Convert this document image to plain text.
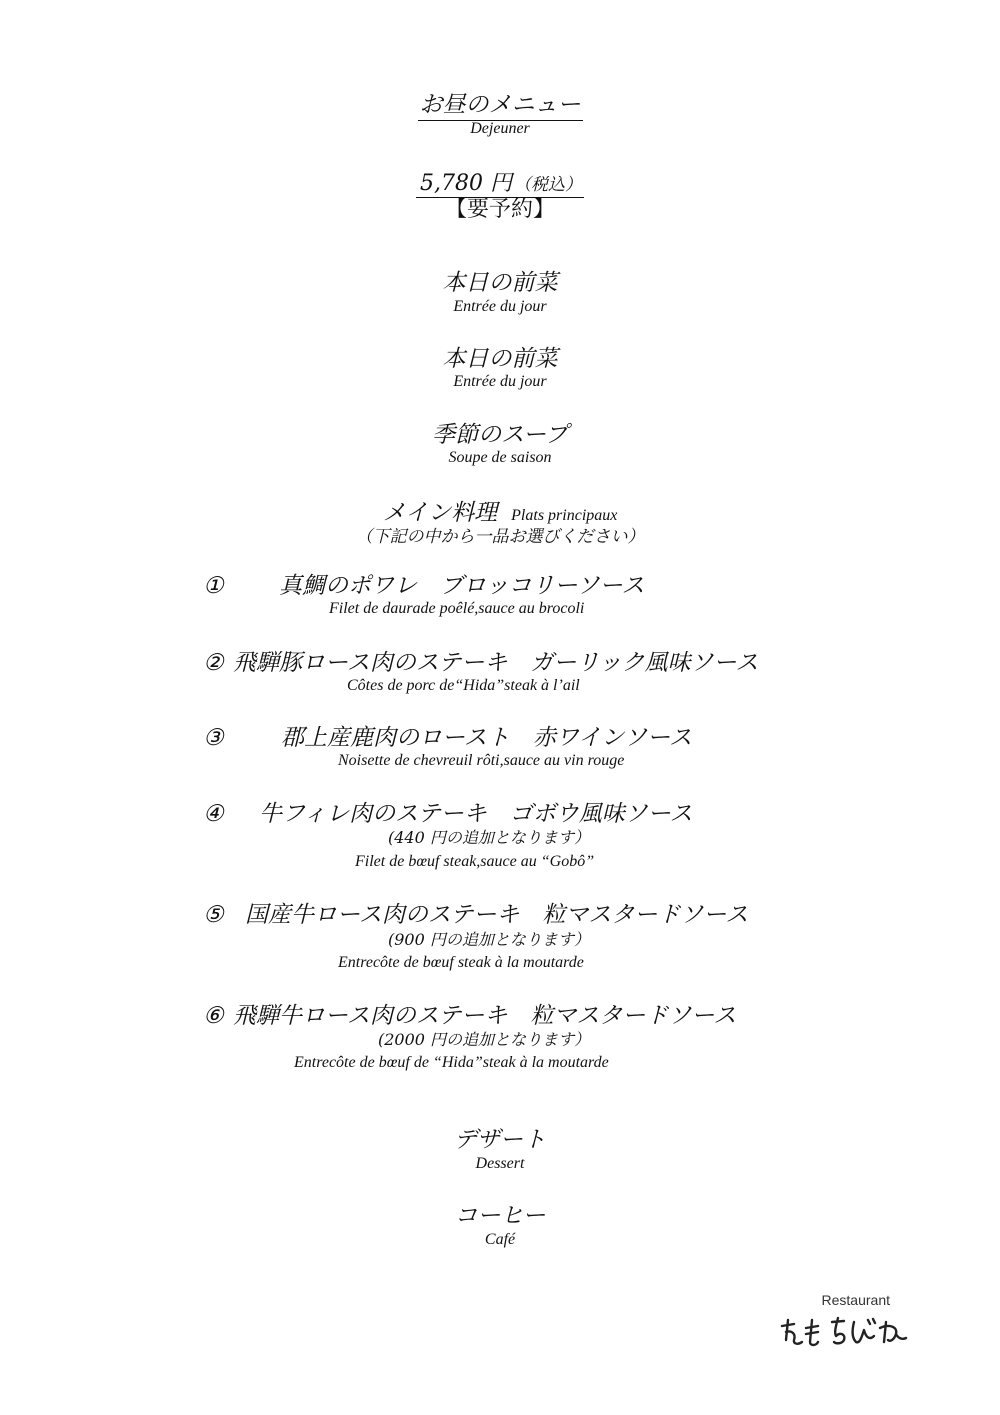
お昼のメニュー
Dejeuner
5,780 円 （税込）
【要予約】
本日の前菜
Entrée du jour
本日の前菜
Entrée du jour
季節のスープ
Soupe de saison
メイン料理 Plats principaux
（下記の中から一品お選びください）
① 真鯛のポワレ　ブロッコリーソース
Filet de daurade poêlé,sauce au brocoli
② 飛騨豚ロース肉のステーキ　ガーリック風味ソース
Côtes de porc de“Hida”steak à l’ail
③ 郡上産鹿肉のロースト　赤ワインソース
Noisette de chevreuil rôti,sauce au vin rouge
④ 牛フィレ肉のステーキ　ゴボウ風味ソース
(440 円の追加となります）
Filet de bœuf steak,sauce au “Gobô”
⑤ 国産牛ロース肉のステーキ　粒マスタードソース
(900 円の追加となります）
Entrecôte de bœuf steak à la moutarde
⑥ 飛騨牛ロース肉のステーキ　粒マスタードソース
(2000 円の追加となります）
Entrecôte de bœuf de “Hida”steak à la moutarde
デザート
Dessert
コーヒー
Café
Restaurant
